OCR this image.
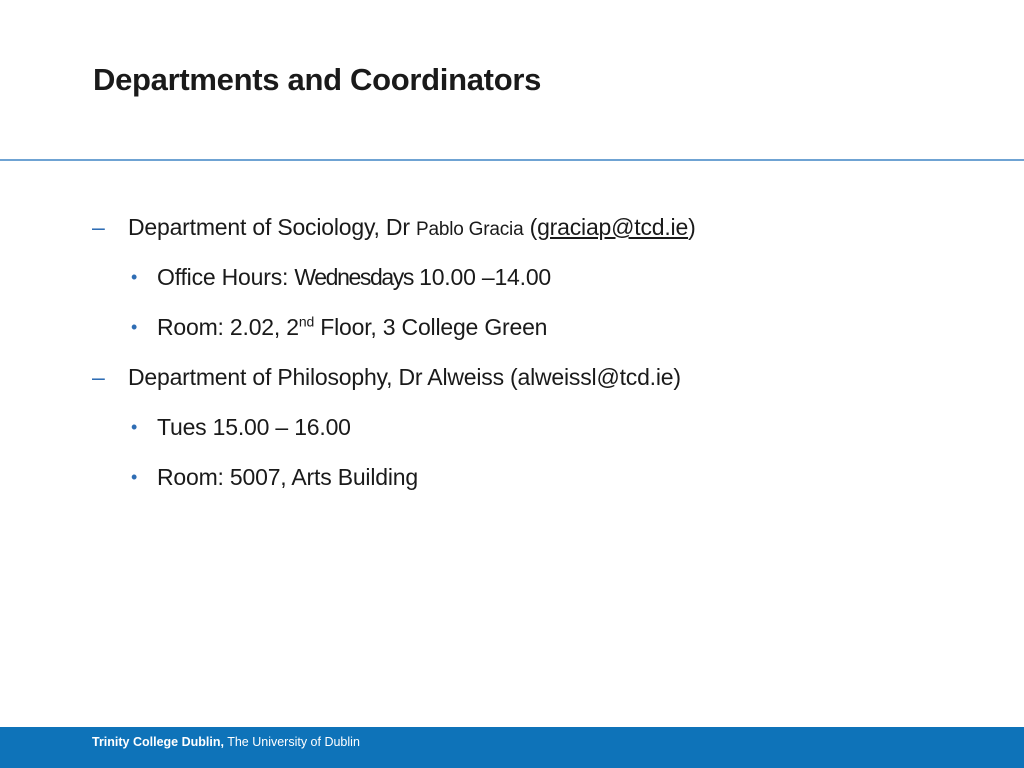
Departments and Coordinators
– Department of Sociology, Dr Pablo Gracia (graciap@tcd.ie)
• Office Hours: Wednesdays 10.00 –14.00
• Room: 2.02, 2nd Floor, 3 College Green
– Department of Philosophy, Dr Alweiss (alweissl@tcd.ie)
• Tues 15.00 – 16.00
• Room: 5007, Arts Building
Trinity College Dublin, The University of Dublin
